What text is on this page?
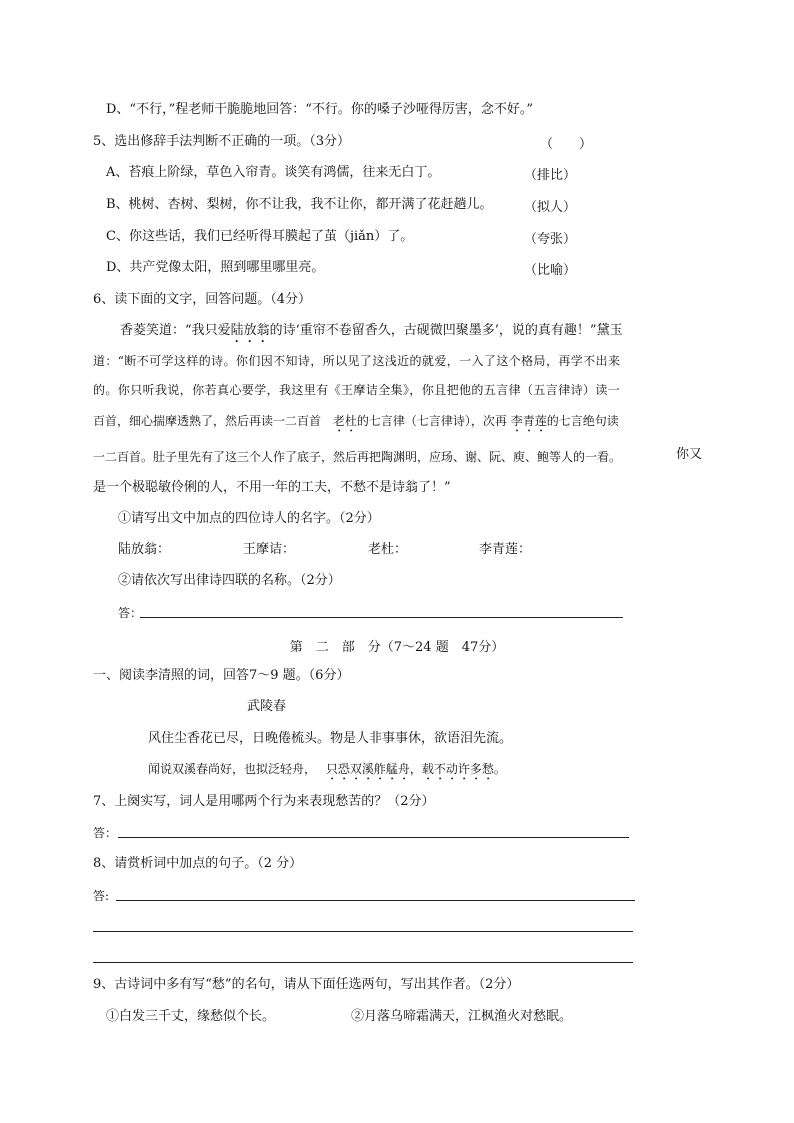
D、“不行，”程老师干脆脆地回答：“不行。你的嗓子沙哑得厉害，念不好。”
5、选出修辞手法判断不正确的一项。（3分）	（　　）
A、苔痕上阶绿，草色入帘青。谈笑有鸿儒，往来无白丁。	（排比）
B、桃树、杏树、梨树，你不让我，我不让你，都开满了花赶趟儿。 （拟人）
C、你这些话，我们已经听得耳膜起了茧（jiǎn）了。	（夸张）
D、共产党像太阳，照到哪里哪里亮。	（比喻）
6、读下面的文字，回答问题。（4分）
香菱笑道：“我只爱陆放翁的诗‘重帘不卷留香久，古砚微凹聚墨多’，说的真有趣！”黛玉
道：“断不可学这样的诗。你们因不知诗，所以见了这浅近的就爱，一入了这个格局，再学不出来
的。你只听我说，你若真心要学，我这里有《王摩诘全集》，你且把他的五言律（五言律诗）读一
百首，细心揣摩透熟了，然后再读一二百首 老杜的七言律（七言律诗），次再 李青莲的七言绝句读
一二百首。肚子里先有了这三个人作了底子，然后再把陶渊明，应玚、谢、阮、庾、鲍等人的一看。	你又
是一个极聪敏伶俐的人，不用一年的工夫，不愁不是诗翁了！”
①请写出文中加点的四位诗人的名字。（2分）
陆放翁：	王摩诘：	老杜：	李青莲：
②请依次写出律诗四联的名称。（2分）
答：
第　二　部　分（7～24 题　47分）
一、阅读李清照的词，回答7～9 题。（6分）
武陵春
风住尘香花已尽，日晚倦梳头。物是人非事事休，欲语泪先流。
闻说双溪春尚好，也拟泛轻舟， 只恐双溪舴艋舟，载不动许多愁。
7、上阕实写，词人是用哪两个行为来表现愁苦的？（2分）
答：
8、请赏析词中加点的句子。（2 分）
答:
9、古诗词中多有写“愁”的名句，请从下面任选两句，写出其作者。（2分）
①白发三千丈，缘愁似个长。	②月落乌啼霜满天，江枫渔火对愁眠。
